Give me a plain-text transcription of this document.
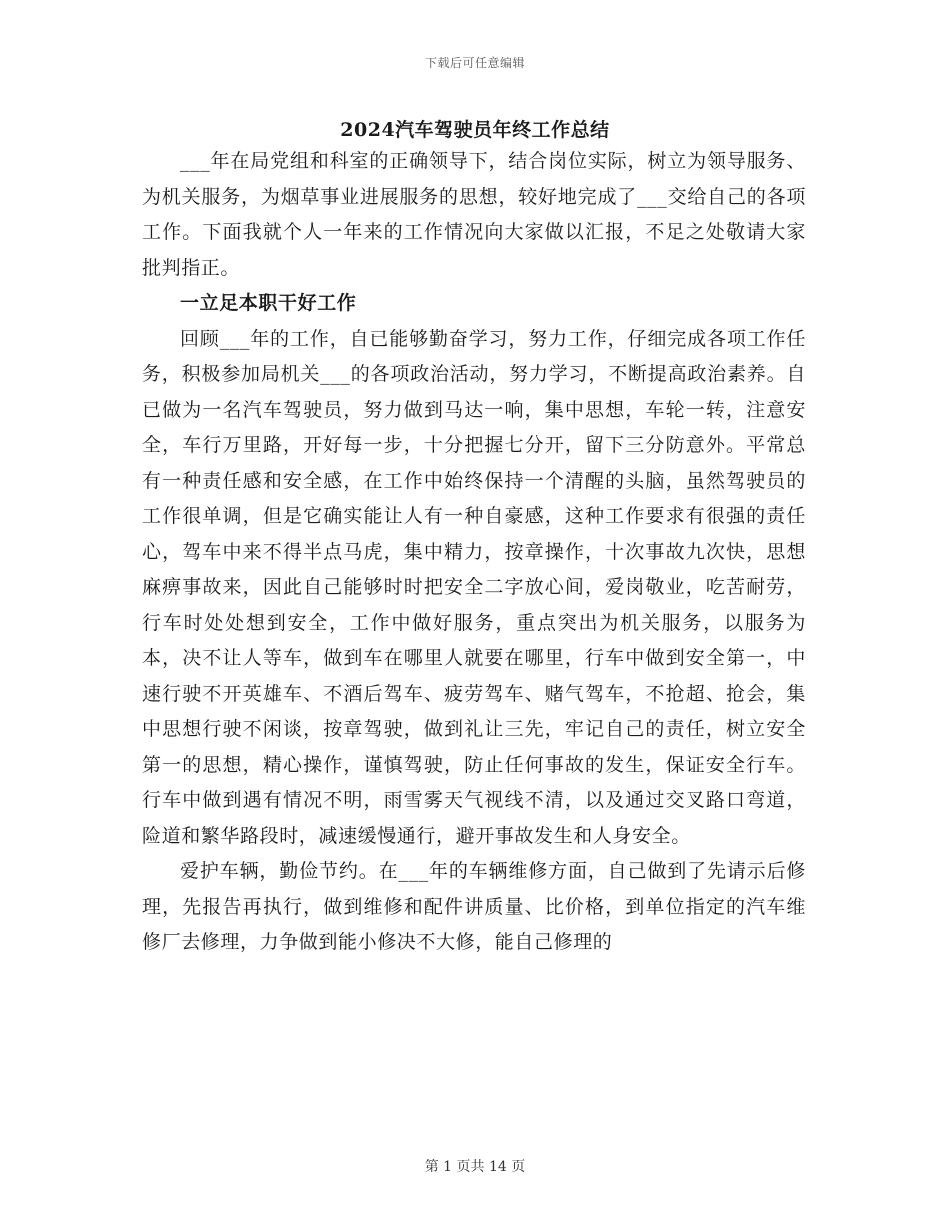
下载后可任意编辑
2024汽车驾驶员年终工作总结

___年在局党组和科室的正确领导下，结合岗位实际，树立为领导服务、为机关服务，为烟草事业进展服务的思想，较好地完成了___交给自己的各项工作。下面我就个人一年来的工作情况向大家做以汇报，不足之处敬请大家批判指正。

一立足本职干好工作

回顾___年的工作，自已能够勤奋学习，努力工作，仔细完成各项工作任务，积极参加局机关___的各项政治活动，努力学习，不断提高政治素养。自已做为一名汽车驾驶员，努力做到马达一响，集中思想，车轮一转，注意安全，车行万里路，开好每一步，十分把握七分开，留下三分防意外。平常总有一种责任感和安全感，在工作中始终保持一个清醒的头脑，虽然驾驶员的工作很单调，但是它确实能让人有一种自豪感，这种工作要求有很强的责任心，驾车中来不得半点马虎，集中精力，按章操作，十次事故九次快，思想麻痹事故来，因此自己能够时时把安全二字放心间，爱岗敬业，吃苦耐劳，行车时处处想到安全，工作中做好服务，重点突出为机关服务，以服务为本，决不让人等车，做到车在哪里人就要在哪里，行车中做到安全第一，中速行驶不开英雄车、不酒后驾车、疲劳驾车、赌气驾车，不抢超、抢会，集中思想行驶不闲谈，按章驾驶，做到礼让三先，牢记自己的责任，树立安全第一的思想，精心操作，谨慎驾驶，防止任何事故的发生，保证安全行车。行车中做到遇有情况不明，雨雪雾天气视线不清，以及通过交叉路口弯道，险道和繁华路段时，减速缓慢通行，避开事故发生和人身安全。

爱护车辆，勤俭节约。在___年的车辆维修方面，自己做到了先请示后修理，先报告再执行，做到维修和配件讲质量、比价格，到单位指定的汽车维修厂去修理，力争做到能小修决不大修，能自己修理的

第 1 页共 14 页
